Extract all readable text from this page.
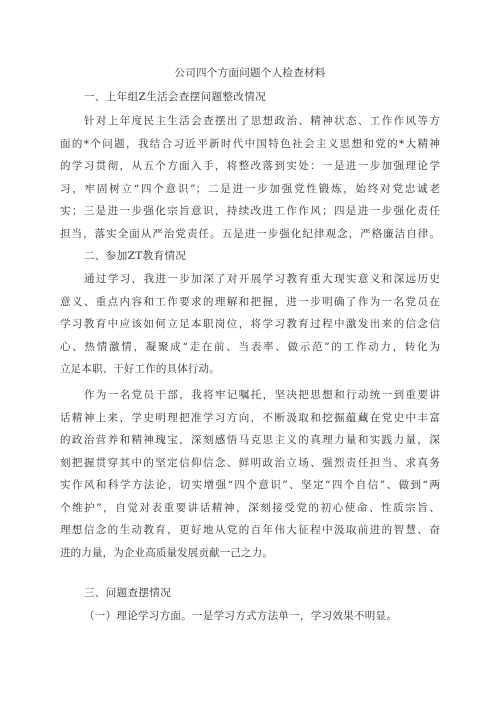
公司四个方面问题个人检查材料
一、上年组Z生活会查摆问题整改情况
针对上年度民主生活会查摆出了思想政治、精神状态、工作作风等方
面的*个问题，我结合习近平新时代中国特色社会主义思想和党的*大精神
的学习贯彻，从五个方面入手，将整改落到实处：一是进一步加强理论学
习，牢固树立“四个意识”；二是进一步加强党性锻炼，始终对党忠诚老
实；三是进一步强化宗旨意识，持续改进工作作风；四是进一步强化责任
担当，落实全面从严治党责任。五是进一步强化纪律观念，严格廉洁自律。
二、参加ZT教育情况
通过学习，我进一步加深了对开展学习教育重大现实意义和深远历史
意义、重点内容和工作要求的理解和把握，进一步明确了作为一名党员在
学习教育中应该如何立足本职岗位，将学习教育过程中激发出来的信念信
心、热情激情，凝聚成“走在前、当表率、做示范”的工作动力，转化为
立足本职、干好工作的具体行动。
作为一名党员干部，我将牢记嘱托，坚决把思想和行动统一到重要讲
话精神上来，学史明理把准学习方向，不断汲取和挖掘蕴藏在党史中丰富
的政治营养和精神瑰宝，深刻感悟马克思主义的真理力量和实践力量，深
刻把握贯穿其中的坚定信仰信念、鲜明政治立场、强烈责任担当、求真务
实作风和科学方法论，切实增强“四个意识”、坚定“四个自信”、做到“两
个维护”，自觉对表重要讲话精神，深刻接受党的初心使命、性质宗旨、
理想信念的生动教育，更好地从党的百年伟大征程中汲取前进的智慧、奋
进的力量，为企业高质量发展贡献一己之力。
三、问题查摆情况
（一）理论学习方面。一是学习方式方法单一，学习效果不明显。
